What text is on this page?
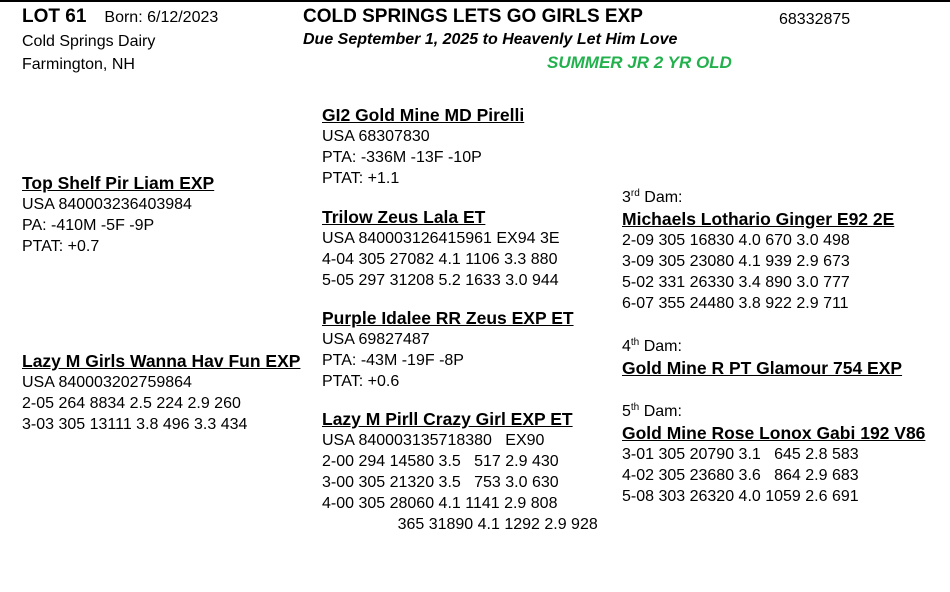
LOT 61 Born: 6/12/2023
Cold Springs Dairy
Farmington, NH
COLD SPRINGS LETS GO GIRLS EXP	68332875
Due September 1, 2025 to Heavenly Let Him Love
SUMMER JR 2 YR OLD
Top Shelf Pir Liam EXP
USA 840003236403984
PA: -410M -5F -9P
PTAT: +0.7
Lazy M Girls Wanna Hav Fun EXP
USA 840003202759864
2-05 264 8834 2.5 224 2.9 260
3-03 305 13111 3.8 496 3.3 434
GI2 Gold Mine MD Pirelli
USA 68307830
PTA: -336M -13F -10P
PTAT: +1.1
Trilow Zeus Lala ET
USA 840003126415961 EX94 3E
4-04 305 27082 4.1 1106 3.3 880
5-05 297 31208 5.2 1633 3.0 944
Purple Idalee RR Zeus EXP ET
USA 69827487
PTA: -43M -19F -8P
PTAT: +0.6
Lazy M Pirll Crazy Girl EXP ET
USA 840003135718380   EX90
2-00 294 14580 3.5   517 2.9 430
3-00 305 21320 3.5   753 3.0 630
4-00 305 28060 4.1 1141 2.9 808
365 31890 4.1 1292 2.9 928
3rd Dam:
Michaels Lothario Ginger E92 2E
2-09 305 16830 4.0 670 3.0 498
3-09 305 23080 4.1 939 2.9 673
5-02 331 26330 3.4 890 3.0 777
6-07 355 24480 3.8 922 2.9 711
4th Dam:
Gold Mine R PT Glamour 754 EXP
5th Dam:
Gold Mine Rose Lonox Gabi 192 V86
3-01 305 20790 3.1   645 2.8 583
4-02 305 23680 3.6   864 2.9 683
5-08 303 26320 4.0 1059 2.6 691
